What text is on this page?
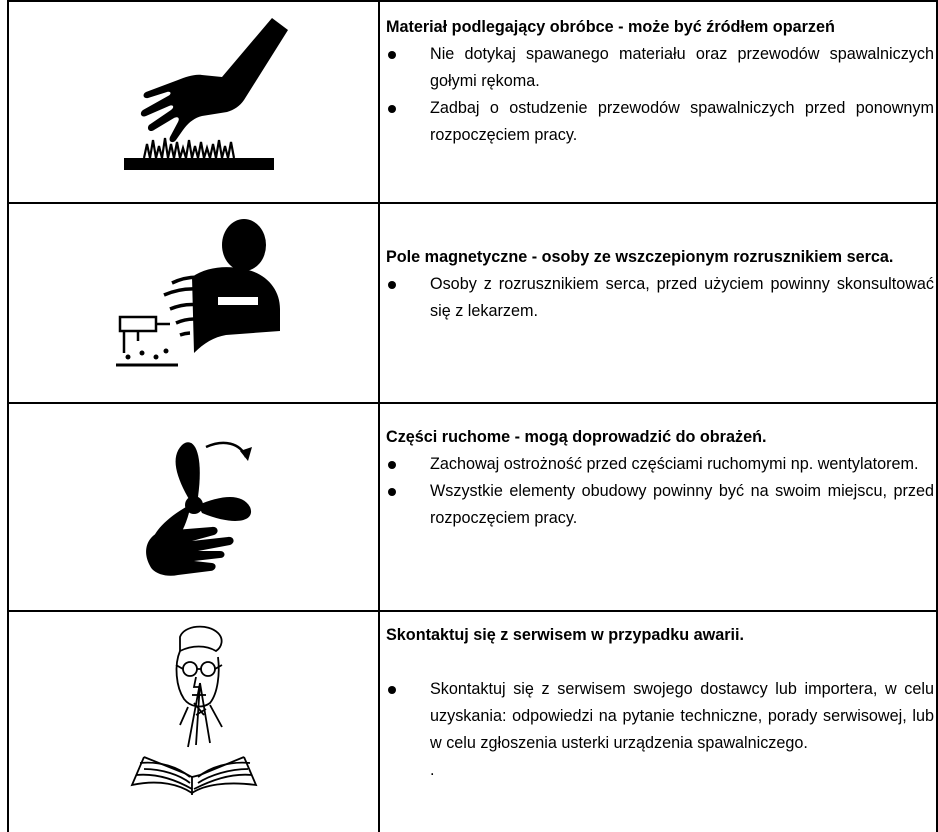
Materiał podlegający obróbce - może być źródłem oparzeń
Nie dotykaj spawanego materiału oraz przewodów spawalniczych gołymi rękoma.
Zadbaj o ostudzenie przewodów spawalniczych przed ponownym rozpoczęciem pracy.
Pole magnetyczne - osoby ze wszczepionym rozrusznikiem serca.
Osoby z rozrusznikiem serca, przed użyciem powinny skonsultować się z lekarzem.
Części ruchome - mogą doprowadzić do obrażeń.
Zachowaj ostrożność przed częściami ruchomymi np. wentylatorem.
Wszystkie elementy obudowy powinny być na swoim miejscu, przed rozpoczęciem pracy.
Skontaktuj się z serwisem w przypadku awarii.
Skontaktuj się z serwisem swojego dostawcy lub importera, w celu uzyskania: odpowiedzi na pytanie techniczne, porady serwisowej, lub w celu zgłoszenia usterki urządzenia spawalniczego.
.
